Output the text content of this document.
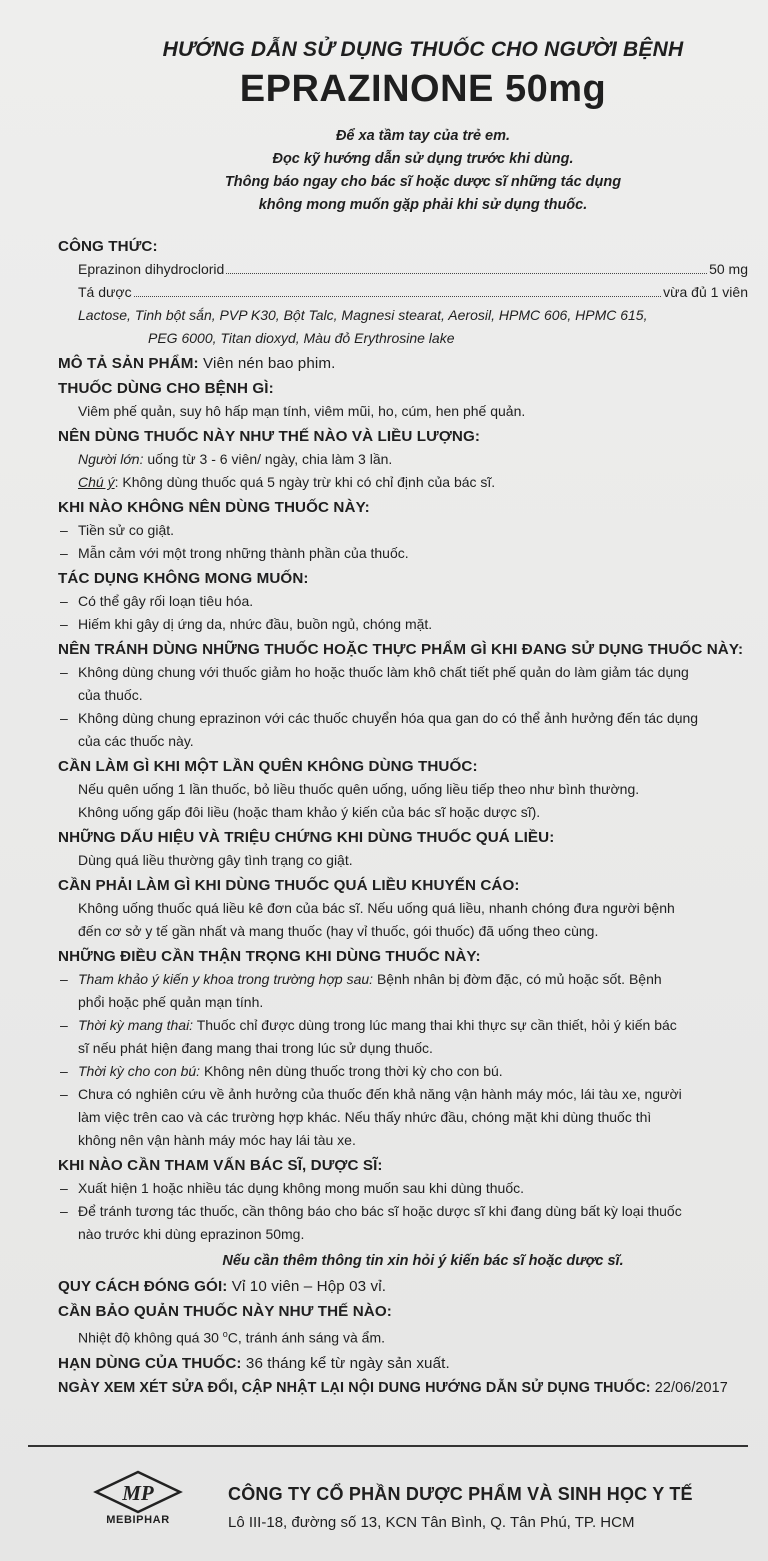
HƯỚNG DẪN SỬ DỤNG THUỐC CHO NGƯỜI BỆNH
EPRAZINONE 50mg
Để xa tầm tay của trẻ em.
Đọc kỹ hướng dẫn sử dụng trước khi dùng.
Thông báo ngay cho bác sĩ hoặc dược sĩ những tác dụng
không mong muốn gặp phải khi sử dụng thuốc.
CÔNG THỨC:
Eprazinon dihydroclorid	50 mg
Tá dược	vừa đủ 1 viên
Lactose, Tinh bột sắn, PVP K30, Bột Talc, Magnesi stearat, Aerosil, HPMC 606, HPMC 615,
PEG 6000, Titan dioxyd, Màu đỏ Erythrosine lake
MÔ TẢ SẢN PHẨM: Viên nén bao phim.
THUỐC DÙNG CHO BỆNH GÌ:
Viêm phế quản, suy hô hấp mạn tính, viêm mũi, ho, cúm, hen phế quản.
NÊN DÙNG THUỐC NÀY NHƯ THẾ NÀO VÀ LIỀU LƯỢNG:
Người lớn: uống từ 3 - 6 viên/ ngày, chia làm 3 lần.
Chú ý: Không dùng thuốc quá 5 ngày trừ khi có chỉ định của bác sĩ.
KHI NÀO KHÔNG NÊN DÙNG THUỐC NÀY:
– Tiền sử co giật.
– Mẫn cảm với một trong những thành phần của thuốc.
TÁC DỤNG KHÔNG MONG MUỐN:
– Có thể gây rối loạn tiêu hóa.
– Hiếm khi gây dị ứng da, nhức đầu, buồn ngủ, chóng mặt.
NÊN TRÁNH DÙNG NHỮNG THUỐC HOẶC THỰC PHẨM GÌ KHI ĐANG SỬ DỤNG THUỐC NÀY:
– Không dùng chung với thuốc giảm ho hoặc thuốc làm khô chất tiết phế quản do làm giảm tác dụng
của thuốc.
– Không dùng chung eprazinon với các thuốc chuyển hóa qua gan do có thể ảnh hưởng đến tác dụng
của các thuốc này.
CẦN LÀM GÌ KHI MỘT LẦN QUÊN KHÔNG DÙNG THUỐC:
Nếu quên uống 1 lần thuốc, bỏ liều thuốc quên uống, uống liều tiếp theo như bình thường.
Không uống gấp đôi liều (hoặc tham khảo ý kiến của bác sĩ hoặc dược sĩ).
NHỮNG DẤU HIỆU VÀ TRIỆU CHỨNG KHI DÙNG THUỐC QUÁ LIỀU:
Dùng quá liều thường gây tình trạng co giật.
CẦN PHẢI LÀM GÌ KHI DÙNG THUỐC QUÁ LIỀU KHUYẾN CÁO:
Không uống thuốc quá liều kê đơn của bác sĩ. Nếu uống quá liều, nhanh chóng đưa người bệnh
đến cơ sở y tế gần nhất và mang thuốc (hay vỉ thuốc, gói thuốc) đã uống theo cùng.
NHỮNG ĐIỀU CẦN THẬN TRỌNG KHI DÙNG THUỐC NÀY:
– Tham khảo ý kiến y khoa trong trường hợp sau: Bệnh nhân bị đờm đặc, có mủ hoặc sốt. Bệnh
phổi hoặc phế quản mạn tính.
– Thời kỳ mang thai: Thuốc chỉ được dùng trong lúc mang thai khi thực sự cần thiết, hỏi ý kiến bác
sĩ nếu phát hiện đang mang thai trong lúc sử dụng thuốc.
– Thời kỳ cho con bú: Không nên dùng thuốc trong thời kỳ cho con bú.
– Chưa có nghiên cứu về ảnh hưởng của thuốc đến khả năng vận hành máy móc, lái tàu xe, người
làm việc trên cao và các trường hợp khác. Nếu thấy nhức đầu, chóng mặt khi dùng thuốc thì
không nên vận hành máy móc hay lái tàu xe.
KHI NÀO CẦN THAM VẤN BÁC SĨ, DƯỢC SĨ:
– Xuất hiện 1 hoặc nhiều tác dụng không mong muốn sau khi dùng thuốc.
– Để tránh tương tác thuốc, cần thông báo cho bác sĩ hoặc dược sĩ khi đang dùng bất kỳ loại thuốc
nào trước khi dùng eprazinon 50mg.
Nếu cần thêm thông tin xin hỏi ý kiến bác sĩ hoặc dược sĩ.
QUY CÁCH ĐÓNG GÓI: Vỉ 10 viên – Hộp 03 vỉ.
CẦN BẢO QUẢN THUỐC NÀY NHƯ THẾ NÀO:
Nhiệt độ không quá 30 $^o$C, tránh ánh sáng và ẩm.
HẠN DÙNG CỦA THUỐC: 36 tháng kể từ ngày sản xuất.
NGÀY XEM XÉT SỬA ĐỔI, CẬP NHẬT LẠI NỘI DUNG HƯỚNG DẪN SỬ DỤNG THUỐC: 22/06/2017
MP
MEBIPHAR
CÔNG TY CỔ PHẦN DƯỢC PHẨM VÀ SINH HỌC Y TẾ
Lô III-18, đường số 13, KCN Tân Bình, Q. Tân Phú, TP. HCM
